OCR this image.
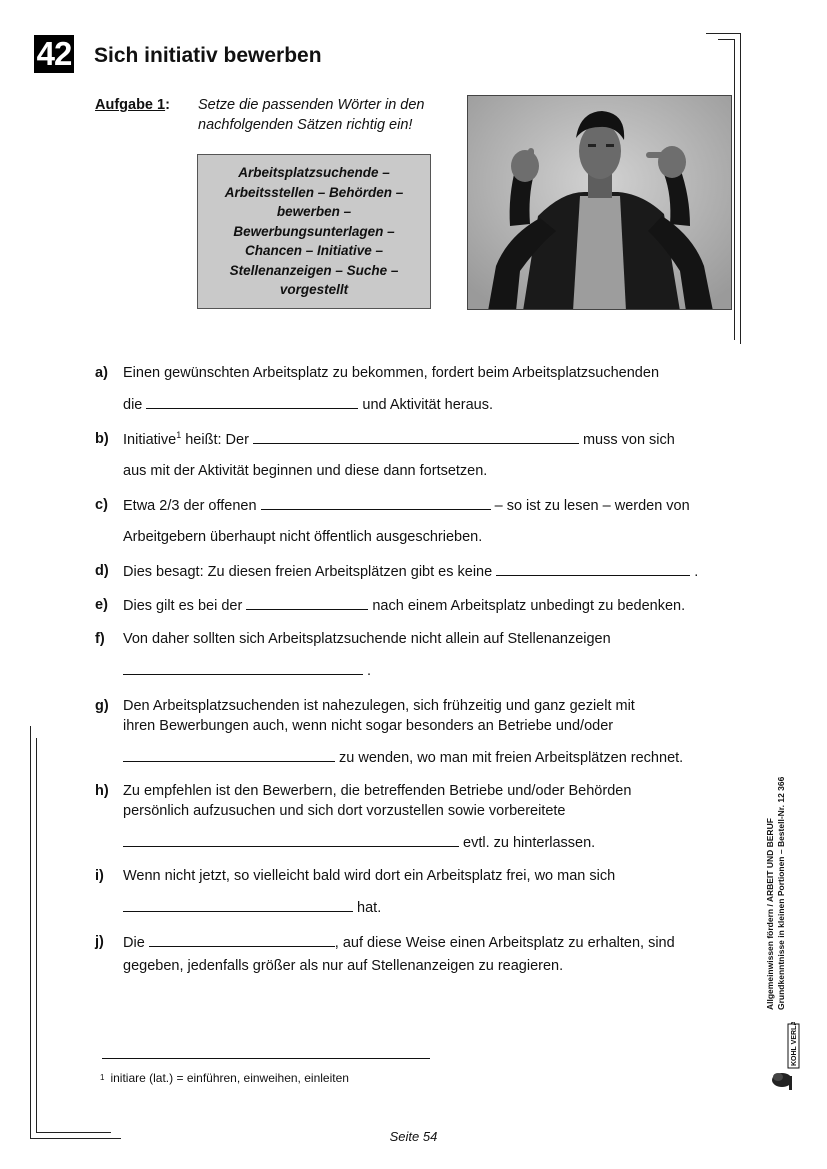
42 Sich initiativ bewerben
Aufgabe 1: Setze die passenden Wörter in den nachfolgenden Sätzen richtig ein!
Arbeitsplatzsuchende –
Arbeitsstellen – Behörden –
bewerben –
Bewerbungsunterlagen –
Chancen – Initiative –
Stellenanzeigen – Suche –
vorgestellt
a) Einen gewünschten Arbeitsplatz zu bekommen, fordert beim Arbeitsplatzsuchenden
die	und Aktivität heraus.
b) Initiative$^1$ heißt: Der	muss von sich
aus mit der Aktivität beginnen und diese dann fortsetzen.
c) Etwa 2/3 der offenen	– so ist zu lesen – werden von
Arbeitgebern überhaupt nicht öffentlich ausgeschrieben.
d) Dies besagt: Zu diesen freien Arbeitsplätzen gibt es keine	.
e) Dies gilt es bei der	nach einem Arbeitsplatz unbedingt zu bedenken.
f) Von daher sollten sich Arbeitsplatzsuchende nicht allein auf Stellenanzeigen
.
g) Den Arbeitsplatzsuchenden ist nahezulegen, sich frühzeitig und ganz gezielt mit
ihren Bewerbungen auch, wenn nicht sogar besonders an Betriebe und/oder
zu wenden, wo man mit freien Arbeitsplätzen rechnet.
h) Zu empfehlen ist den Bewerbern, die betreffenden Betriebe und/oder Behörden
persönlich aufzusuchen und sich dort vorzustellen sowie vorbereitete
evtl. zu hinterlassen.
i) Wenn nicht jetzt, so vielleicht bald wird dort ein Arbeitsplatz frei, wo man sich
hat.
j) Die	, auf diese Weise einen Arbeitsplatz zu erhalten, sind
gegeben, jedenfalls größer als nur auf Stellenanzeigen zu reagieren.
$^1$ initiare (lat.) = einführen, einweihen, einleiten
Seite 54
Allgemeinwissen fördern / ARBEIT UND BERUF Grundkenntnisse in kleinen Portionen – Bestell-Nr. 12 366
KOHL VERLAG
